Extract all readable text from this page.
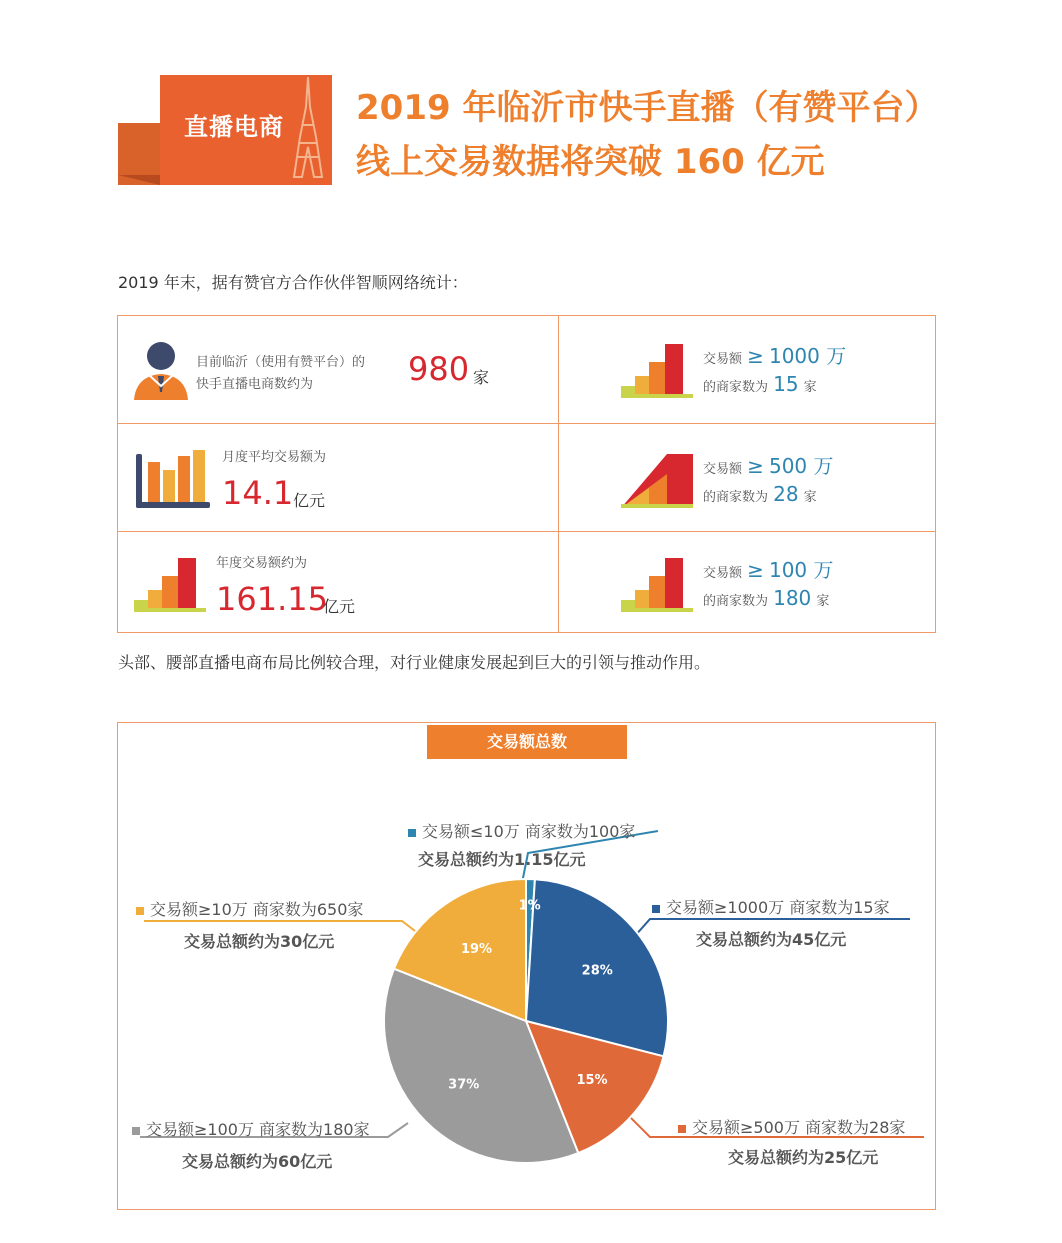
直播电商 2019 年临沂市快手直播（有赞平台）
线上交易数据将突破 160 亿元
2019 年末，据有赞官方合作伙伴智顺网络统计：
目前临沂（使用有赞平台）的
快手直播电商数约为	980 家
月度平均交易额为
14.1 亿元
年度交易额约为
161.15
亿元
交易额 ≥ 1000 万
的商家数为 15 家
交易额 ≥ 500 万
的商家数为 28 家
交易额 ≥ 100 万
的商家数为 180 家
头部、腰部直播电商布局比例较合理，对行业健康发展起到巨大的引领与推动作用。
交易额总数
1%
28%
15%
37%
19%
交易额≤10万 商家数为100家
交易总额约为1.15亿元
交易额≥1000万 商家数为15家
交易总额约为45亿元
交易额≥500万 商家数为28家
交易总额约为25亿元
交易额≥100万 商家数为180家
交易总额约为60亿元
交易额≥10万 商家数为650家
交易总额约为30亿元
